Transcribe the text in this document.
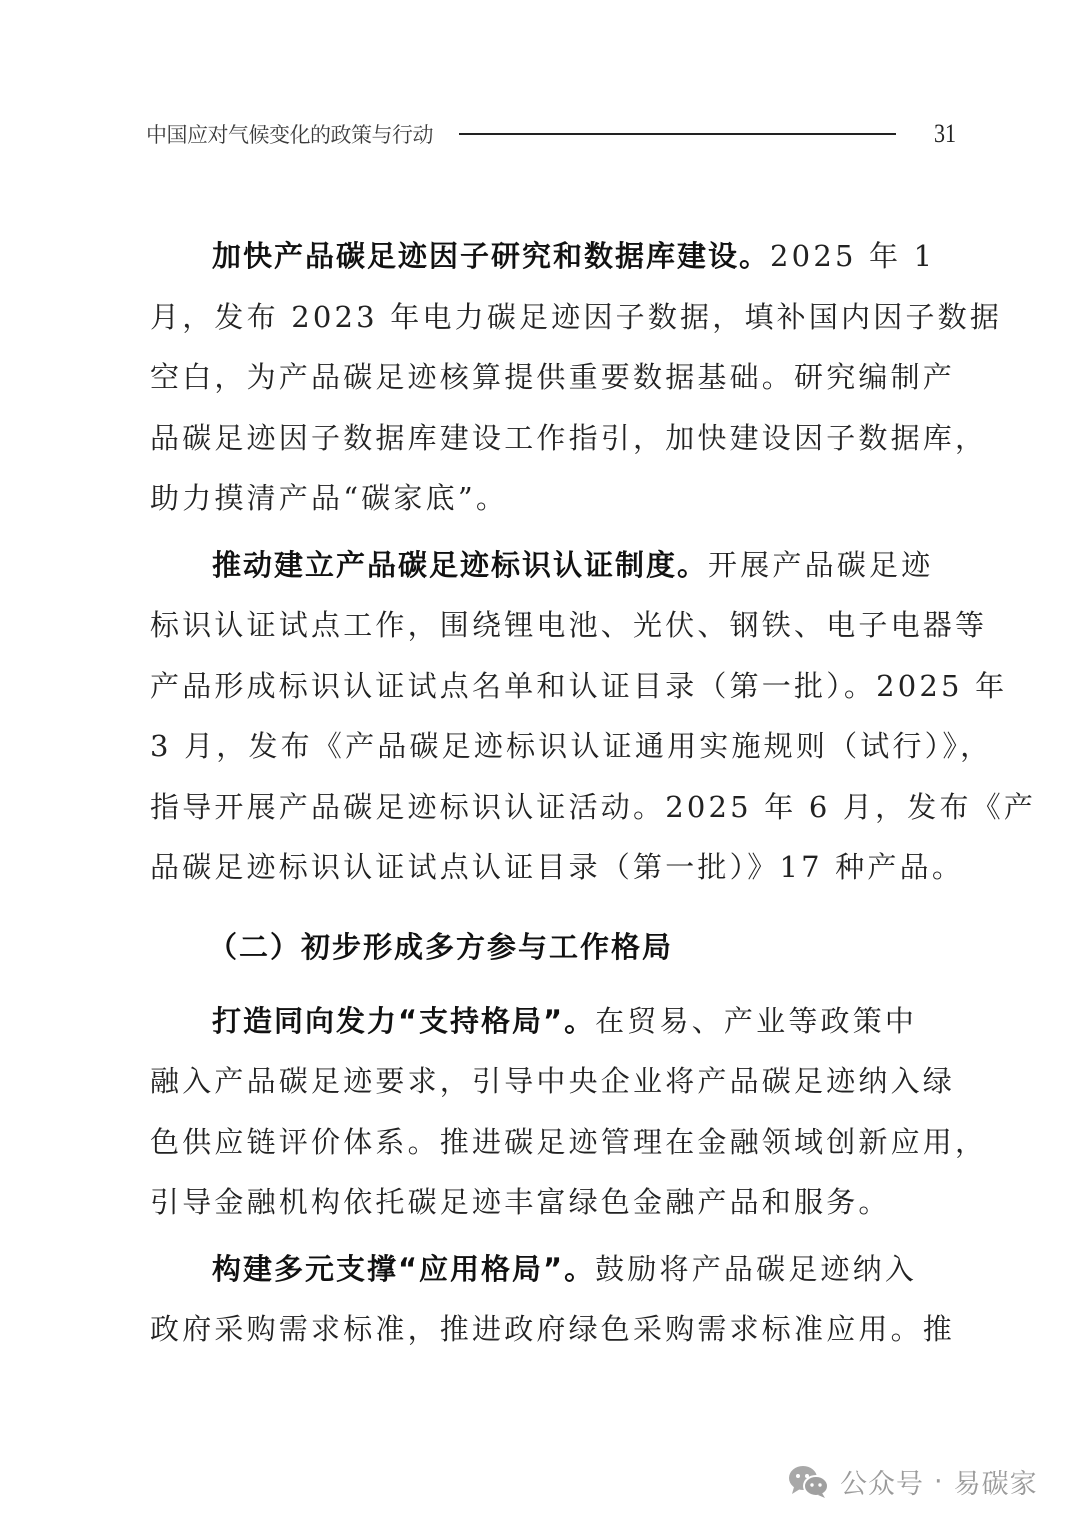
中国应对气候变化的政策与行动	31
加快产品碳足迹因子研究和数据库建设。2025 年 1
月，发布 2023 年电力碳足迹因子数据，填补国内因子数据
空白，为产品碳足迹核算提供重要数据基础。研究编制产
品碳足迹因子数据库建设工作指引，加快建设因子数据库，
助力摸清产品“碳家底”。
推动建立产品碳足迹标识认证制度。开展产品碳足迹
标识认证试点工作，围绕锂电池、光伏、钢铁、电子电器等
产品形成标识认证试点名单和认证目录（第一批）。2025 年
3 月，发布《产品碳足迹标识认证通用实施规则（试行）》，
指导开展产品碳足迹标识认证活动。2025 年 6 月，发布《产
品碳足迹标识认证试点认证目录（第一批）》17 种产品。
（二）初步形成多方参与工作格局
打造同向发力“支持格局”。在贸易、产业等政策中
融入产品碳足迹要求，引导中央企业将产品碳足迹纳入绿
色供应链评价体系。推进碳足迹管理在金融领域创新应用，
引导金融机构依托碳足迹丰富绿色金融产品和服务。
构建多元支撑“应用格局”。鼓励将产品碳足迹纳入
政府采购需求标准，推进政府绿色采购需求标准应用。推
公众号 · 易碳家
